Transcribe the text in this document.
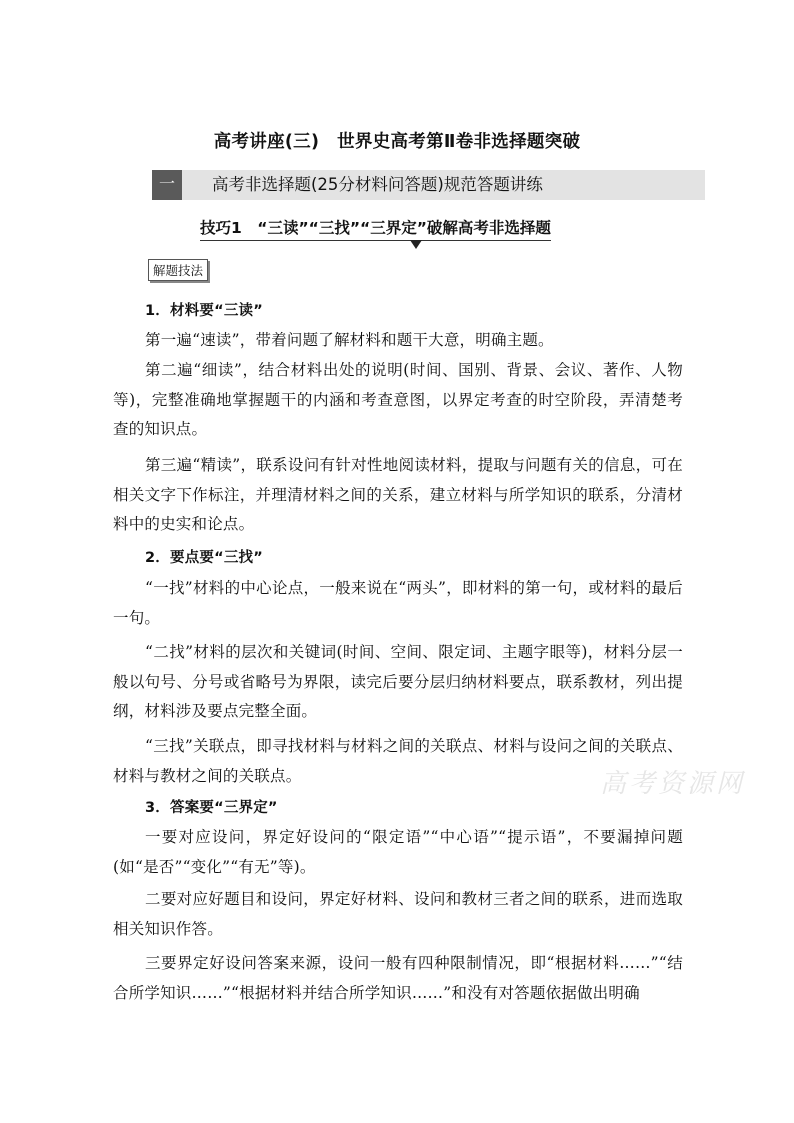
高考讲座(三)　世界史高考第Ⅱ卷非选择题突破
一	高考非选择题(25分材料问答题)规范答题讲练
技巧1　“三读”“三找”“三界定”破解高考非选择题
解题技法
1．材料要“三读”
第一遍“速读”，带着问题了解材料和题干大意，明确主题。
第二遍“细读”，结合材料出处的说明(时间、国别、背景、会议、著作、人物等)，完整准确地掌握题干的内涵和考查意图，以界定考查的时空阶段，弄清楚考查的知识点。
第三遍“精读”，联系设问有针对性地阅读材料，提取与问题有关的信息，可在相关文字下作标注，并理清材料之间的关系，建立材料与所学知识的联系，分清材料中的史实和论点。
2．要点要“三找”
“一找”材料的中心论点，一般来说在“两头”，即材料的第一句，或材料的最后一句。
“二找”材料的层次和关键词(时间、空间、限定词、主题字眼等)，材料分层一般以句号、分号或省略号为界限，读完后要分层归纳材料要点，联系教材，列出提纲，材料涉及要点完整全面。
“三找”关联点，即寻找材料与材料之间的关联点、材料与设问之间的关联点、材料与教材之间的关联点。
3．答案要“三界定”
一要对应设问，界定好设问的“限定语”“中心语”“提示语”，不要漏掉问题(如“是否”“变化”“有无”等)。
二要对应好题目和设问，界定好材料、设问和教材三者之间的联系，进而选取相关知识作答。
三要界定好设问答案来源，设问一般有四种限制情况，即“根据材料……”“结合所学知识……”“根据材料并结合所学知识……”和没有对答题依据做出明确
高考资源网
